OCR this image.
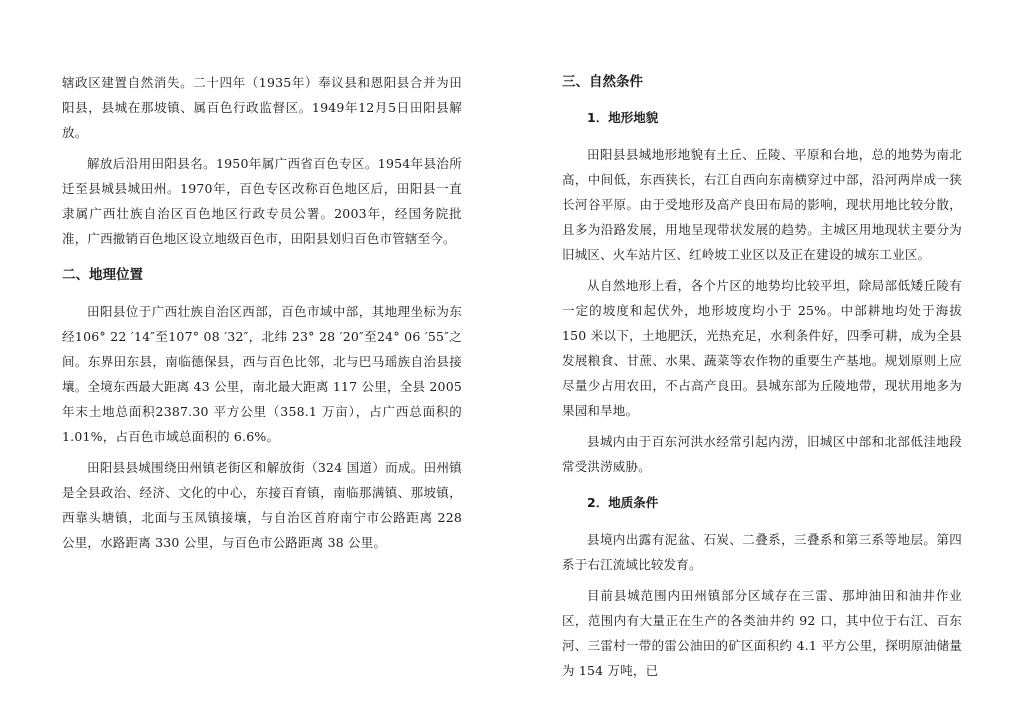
辖政区建置自然消失。二十四年（1935年）奉议县和恩阳县合并为田阳县，县城在那坡镇、属百色行政监督区。1949年12月5日田阳县解放。

解放后沿用田阳县名。1950年属广西省百色专区。1954年县治所迁至县城县城田州。1970年，百色专区改称百色地区后，田阳县一直隶属广西壮族自治区百色地区行政专员公署。2003年，经国务院批准，广西撤销百色地区设立地级百色市，田阳县划归百色市管辖至今。

二、地理位置

田阳县位于广西壮族自治区西部，百色市域中部，其地理坐标为东经106° 22 ′14″至107° 08 ′32″，北纬 23° 28 ′20″至24° 06 ′55″之间。东界田东县，南临德保县，西与百色比邻，北与巴马瑶族自治县接壤。全境东西最大距离 43 公里，南北最大距离 117 公里，全县 2005 年末土地总面积2387.30 平方公里（358.1 万亩），占广西总面积的 1.01%，占百色市域总面积的 6.6%。

田阳县县城围绕田州镇老街区和解放街（324 国道）而成。田州镇是全县政治、经济、文化的中心，东接百育镇，南临那满镇、那坡镇，西靠头塘镇，北面与玉凤镇接壤，与自治区首府南宁市公路距离 228 公里，水路距离 330 公里，与百色市公路距离 38 公里。

三、自然条件
1．地形地貌

田阳县县城地形地貌有土丘、丘陵、平原和台地，总的地势为南北高，中间低，东西狭长，右江自西向东南横穿过中部，沿河两岸成一狭长河谷平原。由于受地形及高产良田布局的影响，现状用地比较分散，且多为沿路发展，用地呈现带状发展的趋势。主城区用地现状主要分为旧城区、火车站片区、红岭坡工业区以及正在建设的城东工业区。

从自然地形上看，各个片区的地势均比较平坦，除局部低矮丘陵有一定的坡度和起伏外，地形坡度均小于 25%。中部耕地均处于海拔 150 米以下，土地肥沃，光热充足，水利条件好，四季可耕，成为全县发展粮食、甘蔗、水果、蔬菜等农作物的重要生产基地。规划原则上应尽量少占用农田，不占高产良田。县城东部为丘陵地带，现状用地多为果园和旱地。

县城内由于百东河洪水经常引起内涝，旧城区中部和北部低洼地段常受洪涝威胁。

2．地质条件

县境内出露有泥盆、石炭、二叠系，三叠系和第三系等地层。第四系于右江流域比较发育。

目前县城范围内田州镇部分区域存在三雷、那坤油田和油井作业区，范围内有大量正在生产的各类油井约 92 口，其中位于右江、百东河、三雷村一带的雷公油田的矿区面积约 4.1 平方公里，探明原油储量为 154 万吨，已
